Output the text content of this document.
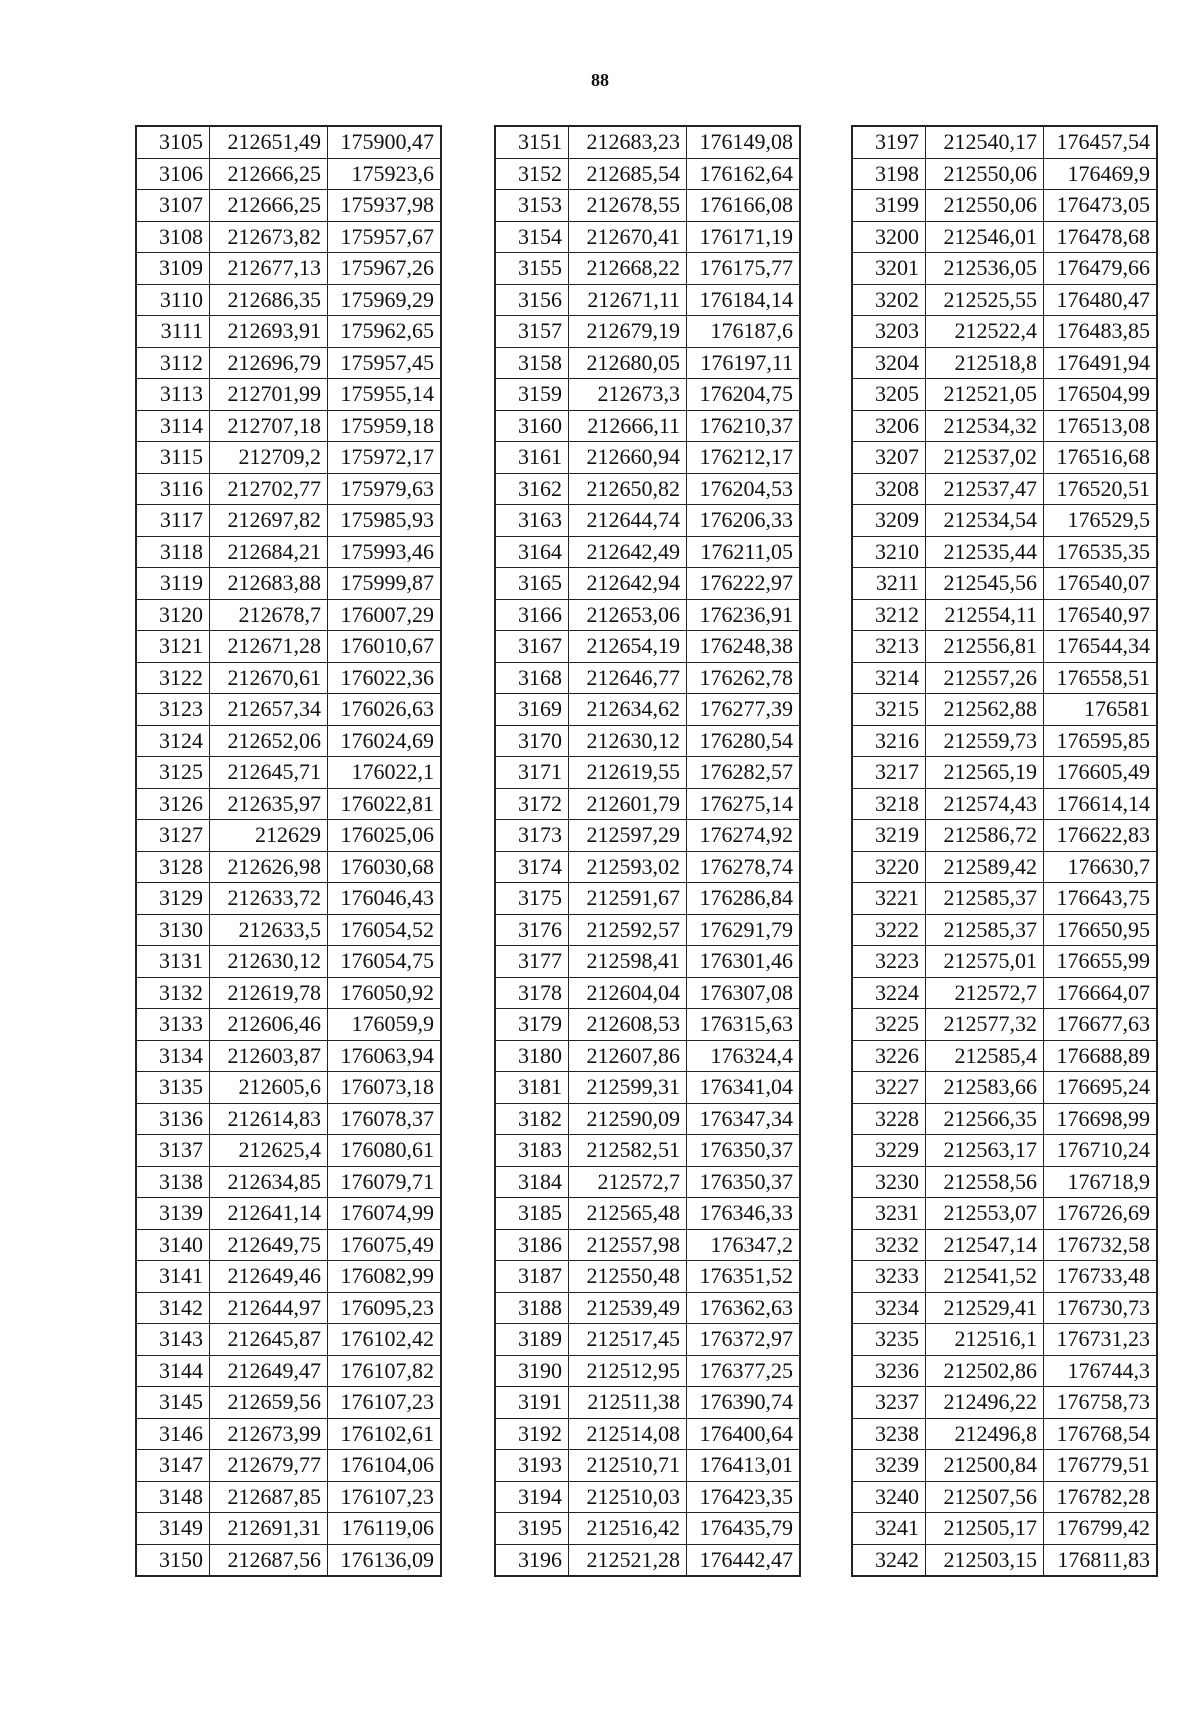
88
3105	212651,49	175900,47
3106	212666,25	175923,6
3107	212666,25	175937,98
3108	212673,82	175957,67
3109	212677,13	175967,26
3110	212686,35	175969,29
3111	212693,91	175962,65
3112	212696,79	175957,45
3113	212701,99	175955,14
3114	212707,18	175959,18
3115	212709,2	175972,17
3116	212702,77	175979,63
3117	212697,82	175985,93
3118	212684,21	175993,46
3119	212683,88	175999,87
3120	212678,7	176007,29
3121	212671,28	176010,67
3122	212670,61	176022,36
3123	212657,34	176026,63
3124	212652,06	176024,69
3125	212645,71	176022,1
3126	212635,97	176022,81
3127	212629	176025,06
3128	212626,98	176030,68
3129	212633,72	176046,43
3130	212633,5	176054,52
3131	212630,12	176054,75
3132	212619,78	176050,92
3133	212606,46	176059,9
3134	212603,87	176063,94
3135	212605,6	176073,18
3136	212614,83	176078,37
3137	212625,4	176080,61
3138	212634,85	176079,71
3139	212641,14	176074,99
3140	212649,75	176075,49
3141	212649,46	176082,99
3142	212644,97	176095,23
3143	212645,87	176102,42
3144	212649,47	176107,82
3145	212659,56	176107,23
3146	212673,99	176102,61
3147	212679,77	176104,06
3148	212687,85	176107,23
3149	212691,31	176119,06
3150	212687,56	176136,09
3151	212683,23	176149,08
3152	212685,54	176162,64
3153	212678,55	176166,08
3154	212670,41	176171,19
3155	212668,22	176175,77
3156	212671,11	176184,14
3157	212679,19	176187,6
3158	212680,05	176197,11
3159	212673,3	176204,75
3160	212666,11	176210,37
3161	212660,94	176212,17
3162	212650,82	176204,53
3163	212644,74	176206,33
3164	212642,49	176211,05
3165	212642,94	176222,97
3166	212653,06	176236,91
3167	212654,19	176248,38
3168	212646,77	176262,78
3169	212634,62	176277,39
3170	212630,12	176280,54
3171	212619,55	176282,57
3172	212601,79	176275,14
3173	212597,29	176274,92
3174	212593,02	176278,74
3175	212591,67	176286,84
3176	212592,57	176291,79
3177	212598,41	176301,46
3178	212604,04	176307,08
3179	212608,53	176315,63
3180	212607,86	176324,4
3181	212599,31	176341,04
3182	212590,09	176347,34
3183	212582,51	176350,37
3184	212572,7	176350,37
3185	212565,48	176346,33
3186	212557,98	176347,2
3187	212550,48	176351,52
3188	212539,49	176362,63
3189	212517,45	176372,97
3190	212512,95	176377,25
3191	212511,38	176390,74
3192	212514,08	176400,64
3193	212510,71	176413,01
3194	212510,03	176423,35
3195	212516,42	176435,79
3196	212521,28	176442,47
3197	212540,17	176457,54
3198	212550,06	176469,9
3199	212550,06	176473,05
3200	212546,01	176478,68
3201	212536,05	176479,66
3202	212525,55	176480,47
3203	212522,4	176483,85
3204	212518,8	176491,94
3205	212521,05	176504,99
3206	212534,32	176513,08
3207	212537,02	176516,68
3208	212537,47	176520,51
3209	212534,54	176529,5
3210	212535,44	176535,35
3211	212545,56	176540,07
3212	212554,11	176540,97
3213	212556,81	176544,34
3214	212557,26	176558,51
3215	212562,88	176581
3216	212559,73	176595,85
3217	212565,19	176605,49
3218	212574,43	176614,14
3219	212586,72	176622,83
3220	212589,42	176630,7
3221	212585,37	176643,75
3222	212585,37	176650,95
3223	212575,01	176655,99
3224	212572,7	176664,07
3225	212577,32	176677,63
3226	212585,4	176688,89
3227	212583,66	176695,24
3228	212566,35	176698,99
3229	212563,17	176710,24
3230	212558,56	176718,9
3231	212553,07	176726,69
3232	212547,14	176732,58
3233	212541,52	176733,48
3234	212529,41	176730,73
3235	212516,1	176731,23
3236	212502,86	176744,3
3237	212496,22	176758,73
3238	212496,8	176768,54
3239	212500,84	176779,51
3240	212507,56	176782,28
3241	212505,17	176799,42
3242	212503,15	176811,83
